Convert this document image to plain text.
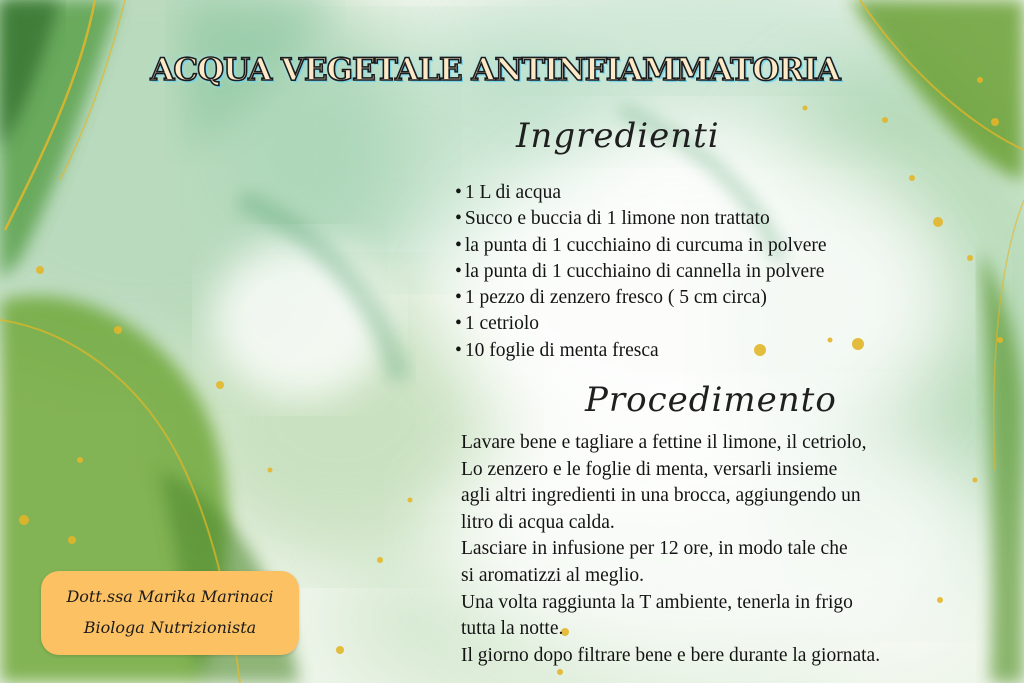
ACQUA VEGETALE ANTINFIAMMATORIA
Ingredienti
• 1 L di acqua
• Succo e buccia di 1 limone non trattato
• la punta di 1 cucchiaino di curcuma in polvere
• la punta di 1 cucchiaino di cannella in polvere
• 1 pezzo di zenzero fresco ( 5 cm circa)
• 1 cetriolo
• 10 foglie di menta fresca
Procedimento
Lavare bene e tagliare a fettine il limone, il cetriolo,
Lo zenzero e le foglie di menta, versarli insieme
agli altri ingredienti in una brocca, aggiungendo un
litro di acqua calda.
Lasciare in infusione per 12 ore, in modo tale che
si aromatizzi al meglio.
Una volta raggiunta la T ambiente, tenerla in frigo
tutta la notte.
Il giorno dopo filtrare bene e bere durante la giornata.
Dott.ssa Marika Marinaci
Biologa Nutrizionista
